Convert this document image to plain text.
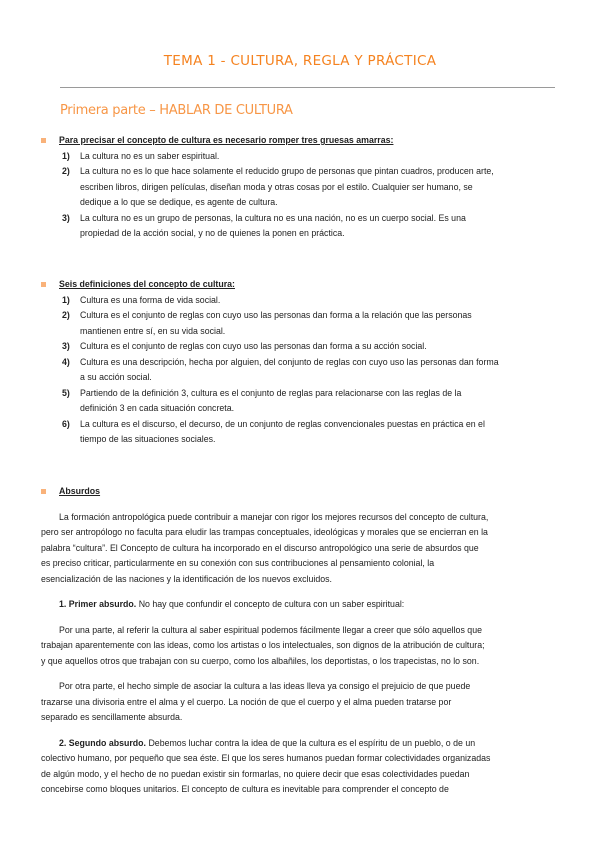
TEMA 1 - CULTURA, REGLA Y PRÁCTICA
Primera parte – HABLAR DE CULTURA
Para precisar el concepto de cultura es necesario romper tres gruesas amarras:
1) La cultura no es un saber espiritual.
2) La cultura no es lo que hace solamente el reducido grupo de personas que pintan cuadros, producen arte,
escriben libros, dirigen películas, diseñan moda y otras cosas por el estilo. Cualquier ser humano, se
dedique a lo que se dedique, es agente de cultura.
3) La cultura no es un grupo de personas, la cultura no es una nación, no es un cuerpo social. Es una
propiedad de la acción social, y no de quienes la ponen en práctica.
Seis definiciones del concepto de cultura:
1) Cultura es una forma de vida social.
2) Cultura es el conjunto de reglas con cuyo uso las personas dan forma a la relación que las personas
mantienen entre sí, en su vida social.
3) Cultura es el conjunto de reglas con cuyo uso las personas dan forma a su acción social.
4) Cultura es una descripción, hecha por alguien, del conjunto de reglas con cuyo uso las personas dan forma
a su acción social.
5) Partiendo de la definición 3, cultura es el conjunto de reglas para relacionarse con las reglas de la
definición 3 en cada situación concreta.
6) La cultura es el discurso, el decurso, de un conjunto de reglas convencionales puestas en práctica en el
tiempo de las situaciones sociales.
Absurdos
La formación antropológica puede contribuir a manejar con rigor los mejores recursos del concepto de cultura,
pero ser antropólogo no faculta para eludir las trampas conceptuales, ideológicas y morales que se encierran en la
palabra “cultura”. El Concepto de cultura ha incorporado en el discurso antropológico una serie de absurdos que
es preciso criticar, particularmente en su conexión con sus contribuciones al pensamiento colonial, la
esencialización de las naciones y la identificación de los nuevos excluidos.
1. Primer absurdo. No hay que confundir el concepto de cultura con un saber espiritual:
Por una parte, al referir la cultura al saber espiritual podemos fácilmente llegar a creer que sólo aquellos que
trabajan aparentemente con las ideas, como los artistas o los intelectuales, son dignos de la atribución de cultura;
y que aquellos otros que trabajan con su cuerpo, como los albañiles, los deportistas, o los trapecistas, no lo son.
Por otra parte, el hecho simple de asociar la cultura a las ideas lleva ya consigo el prejuicio de que puede
trazarse una divisoria entre el alma y el cuerpo. La noción de que el cuerpo y el alma pueden tratarse por
separado es sencillamente absurda.
2. Segundo absurdo. Debemos luchar contra la idea de que la cultura es el espíritu de un pueblo, o de un
colectivo humano, por pequeño que sea éste. El que los seres humanos puedan formar colectividades organizadas
de algún modo, y el hecho de no puedan existir sin formarlas, no quiere decir que esas colectividades puedan
concebirse como bloques unitarios. El concepto de cultura es inevitable para comprender el concepto de
